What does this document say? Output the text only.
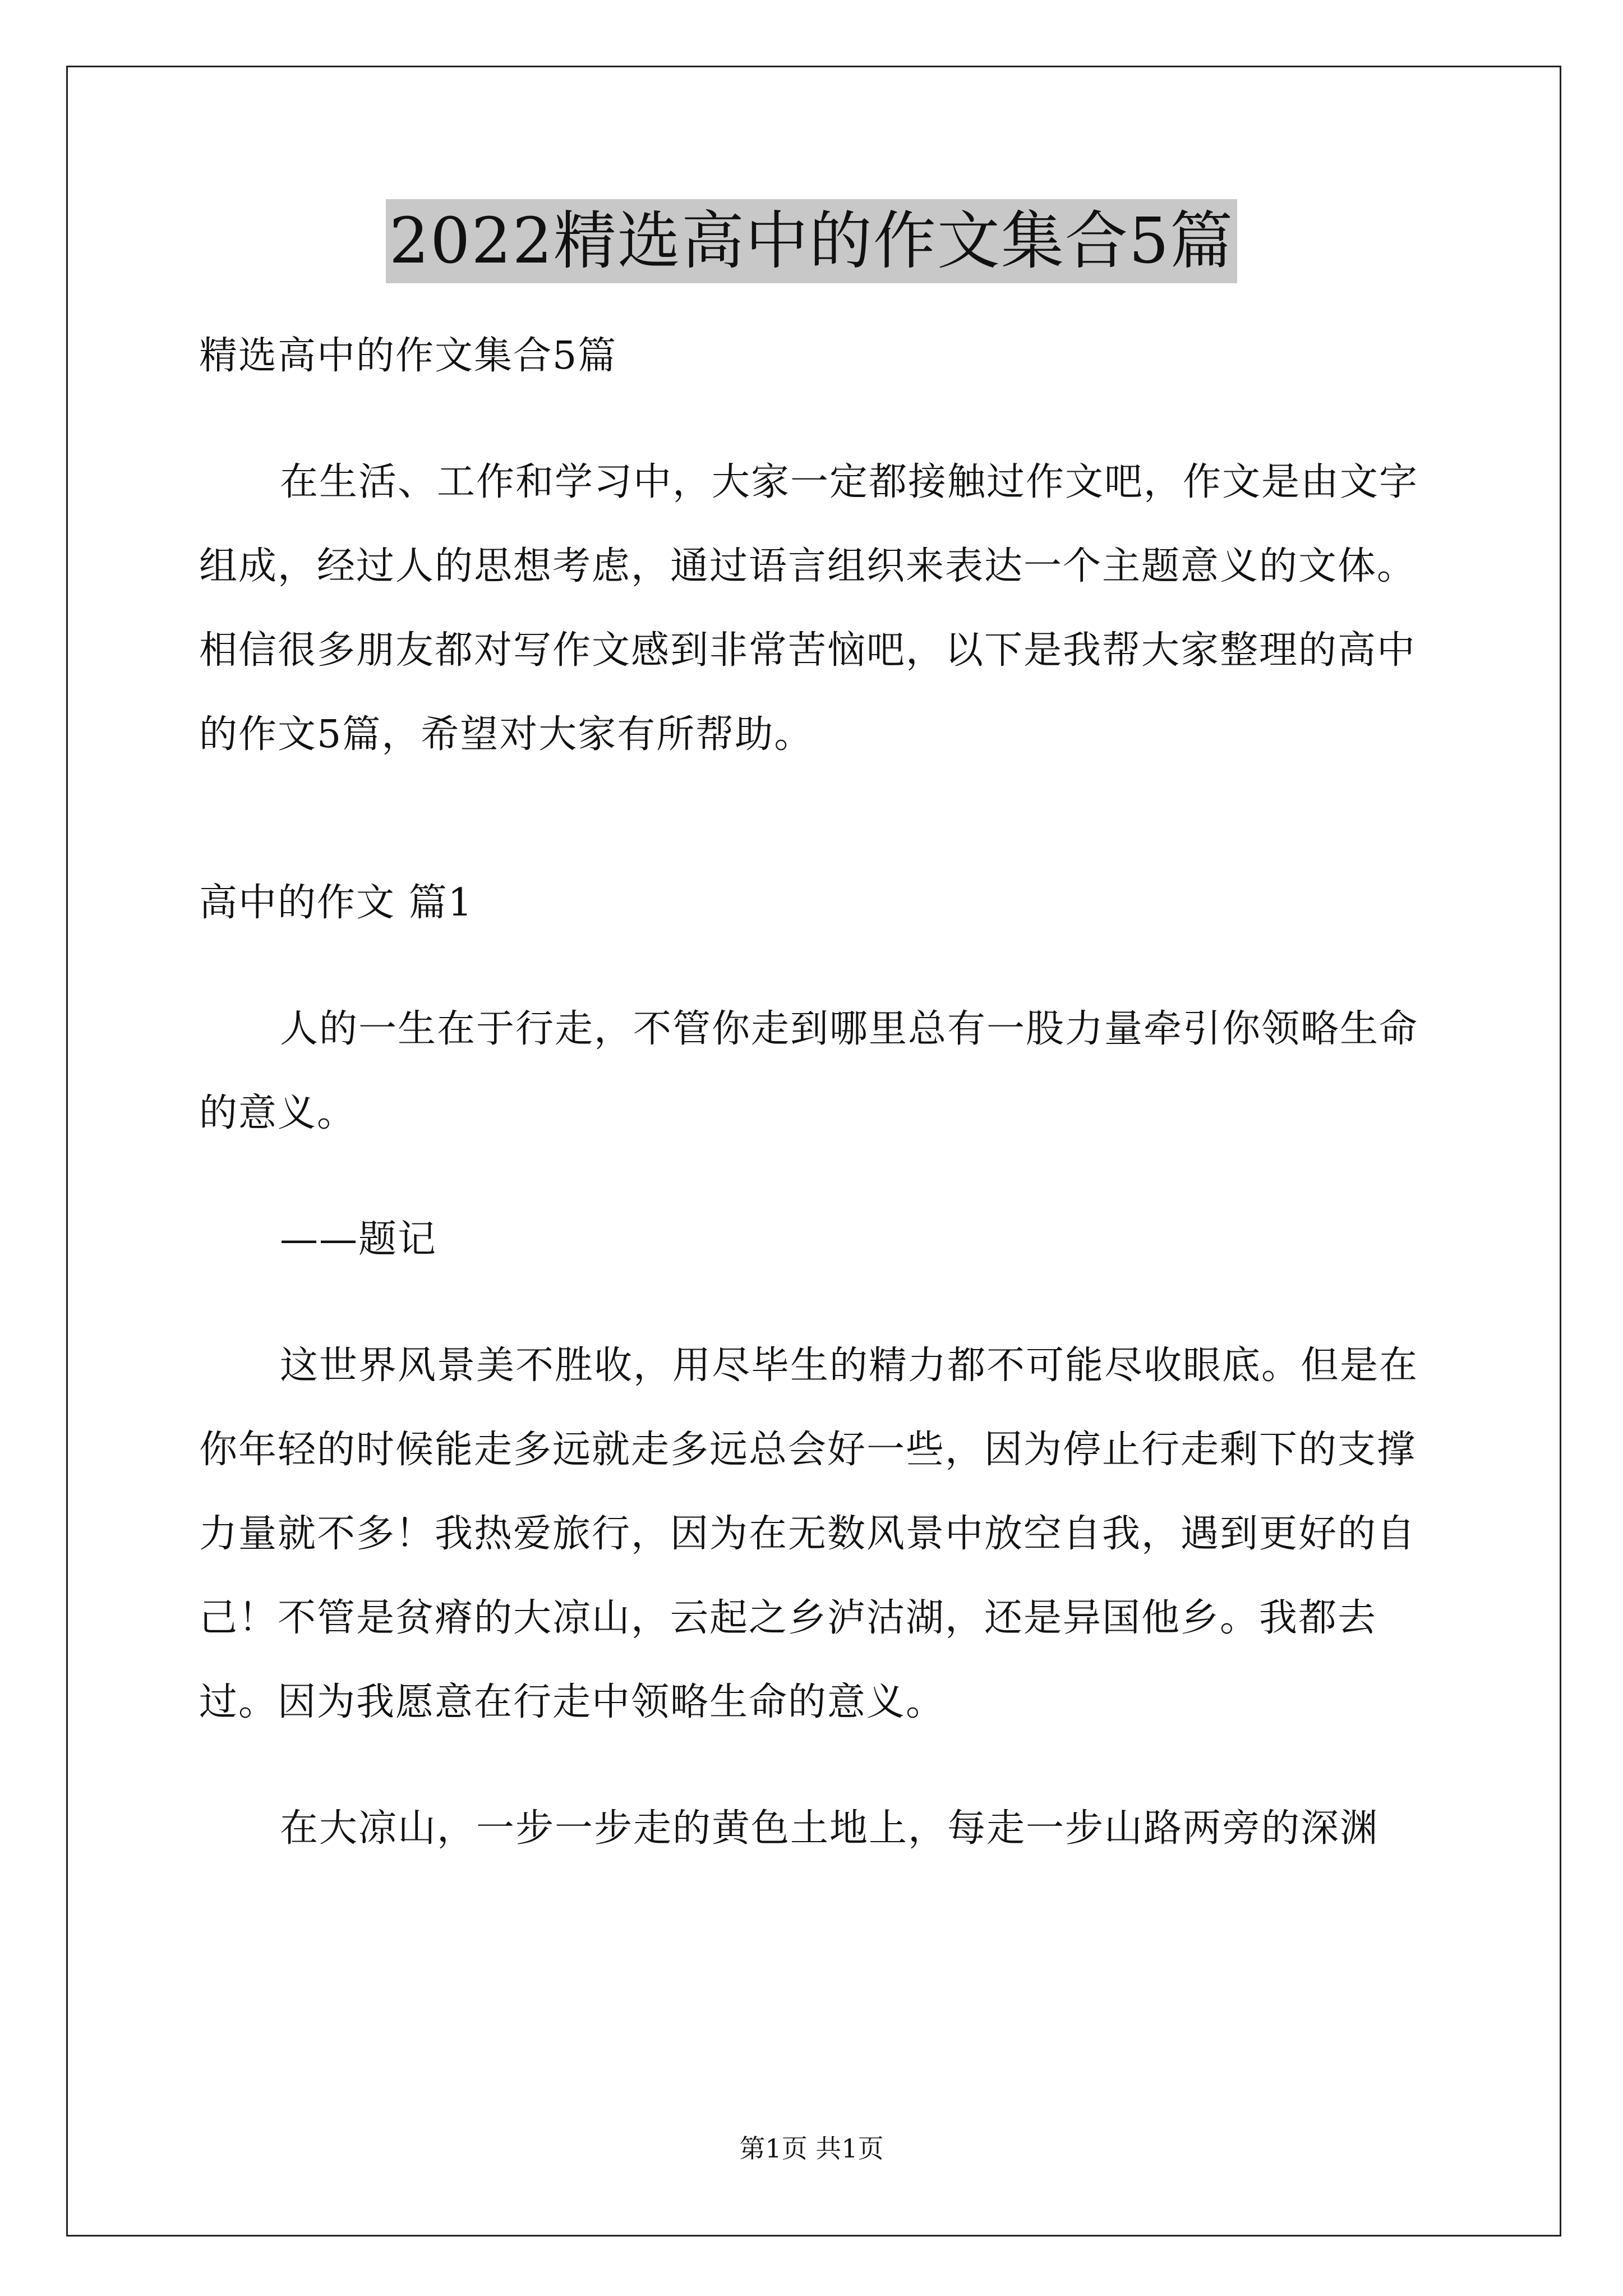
2022精选高中的作文集合5篇

精选高中的作文集合5篇

在生活、工作和学习中，大家一定都接触过作文吧，作文是由文字组成，经过人的思想考虑，通过语言组织来表达一个主题意义的文体。相信很多朋友都对写作文感到非常苦恼吧，以下是我帮大家整理的高中的作文5篇，希望对大家有所帮助。

高中的作文 篇1

人的一生在于行走，不管你走到哪里总有一股力量牵引你领略生命的意义。

——题记

这世界风景美不胜收，用尽毕生的精力都不可能尽收眼底。但是在你年轻的时候能走多远就走多远总会好一些，因为停止行走剩下的支撑力量就不多！我热爱旅行，因为在无数风景中放空自我，遇到更好的自己！不管是贫瘠的大凉山，云起之乡泸沽湖，还是异国他乡。我都去过。因为我愿意在行走中领略生命的意义。

在大凉山，一步一步走的黄色土地上，每走一步山路两旁的深渊

第1页 共1页
